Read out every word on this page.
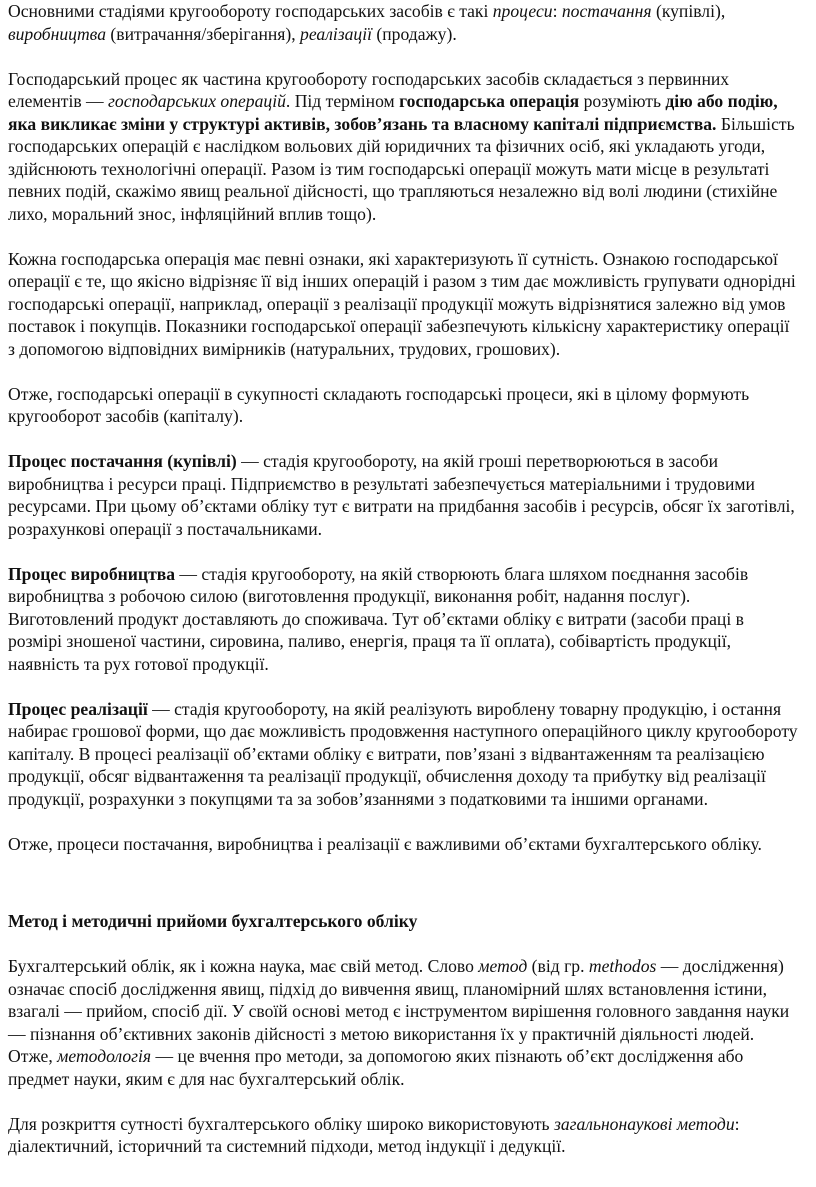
Основними стадіями кругообороту господарських засобів є такі процеси: постачання (купівлі), виробництва (витрачання/зберігання), реалізації (продажу).

Господарський процес як частина кругообороту господарських засобів складається з первинних елементів — господарських операцій. Під терміном господарська операція розуміють дію або подію, яка викликає зміни у структурі активів, зобов’язань та власному капіталі підприємства. Більшість господарських операцій є наслідком вольових дій юридичних та фізичних осіб, які укладають угоди, здійснюють технологічні операції. Разом із тим господарські операції можуть мати місце в результаті певних подій, скажімо явищ реальної дійсності, що трапляються незалежно від волі людини (стихійне лихо, моральний знос, інфляційний вплив тощо).

Кожна господарська операція має певні ознаки, які характеризують її сутність. Ознакою господарської операції є те, що якісно відрізняє її від інших операцій і разом з тим дає можливість групувати однорідні господарські операції, наприклад, операції з реалізації продукції можуть відрізнятися залежно від умов поставок і покупців. Показники господарської операції забезпечують кількісну характеристику операції з допомогою відповідних вимірників (натуральних, трудових, грошових).

Отже, господарські операції в сукупності складають господарські процеси, які в цілому формують кругооборот засобів (капіталу).

Процес постачання (купівлі) — стадія кругообороту, на якій гроші перетворюються в засоби виробництва і ресурси праці. Підприємство в результаті забезпечується матеріальними і трудовими ресурсами. При цьому об’єктами обліку тут є витрати на придбання засобів і ресурсів, обсяг їх заготівлі, розрахункові операції з постачальниками.

Процес виробництва — стадія кругообороту, на якій створюють блага шляхом поєднання засобів виробництва з робочою силою (виготовлення продукції, виконання робіт, надання послуг). Виготовлений продукт доставляють до споживача. Тут об’єктами обліку є витрати (засоби праці в розмірі зношеної частини, сировина, паливо, енергія, праця та її оплата), собівартість продукції, наявність та рух готової продукції.

Процес реалізації — стадія кругообороту, на якій реалізують вироблену товарну продукцію, і остання набирає грошової форми, що дає можливість продовження наступного операційного циклу кругообороту капіталу. В процесі реалізації об’єктами обліку є витрати, пов’язані з відвантаженням та реалізацією продукції, обсяг відвантаження та реалізації продукції, обчислення доходу та прибутку від реалізації продукції, розрахунки з покупцями та за зобов’язаннями з податковими та іншими органами.

Отже, процеси постачання, виробництва і реалізації є важливими об’єктами бухгалтерського обліку.

Метод і методичні прийоми бухгалтерського обліку

Бухгалтерський облік, як і кожна наука, має свій метод. Слово метод (від гр. methodos — дослідження) означає спосіб дослідження явищ, підхід до вивчення явищ, планомірний шлях встановлення істини, взагалі — прийом, спосіб дії. У своїй основі метод є інструментом вирішення головного завдання науки — пізнання об’єктивних законів дійсності з метою використання їх у практичній діяльності людей. Отже, методологія — це вчення про методи, за допомогою яких пізнають об’єкт дослідження або предмет науки, яким є для нас бухгалтерський облік.

Для розкриття сутності бухгалтерського обліку широко використовують загальнонаукові методи: діалектичний, історичний та системний підходи, метод індукції і дедукції.
